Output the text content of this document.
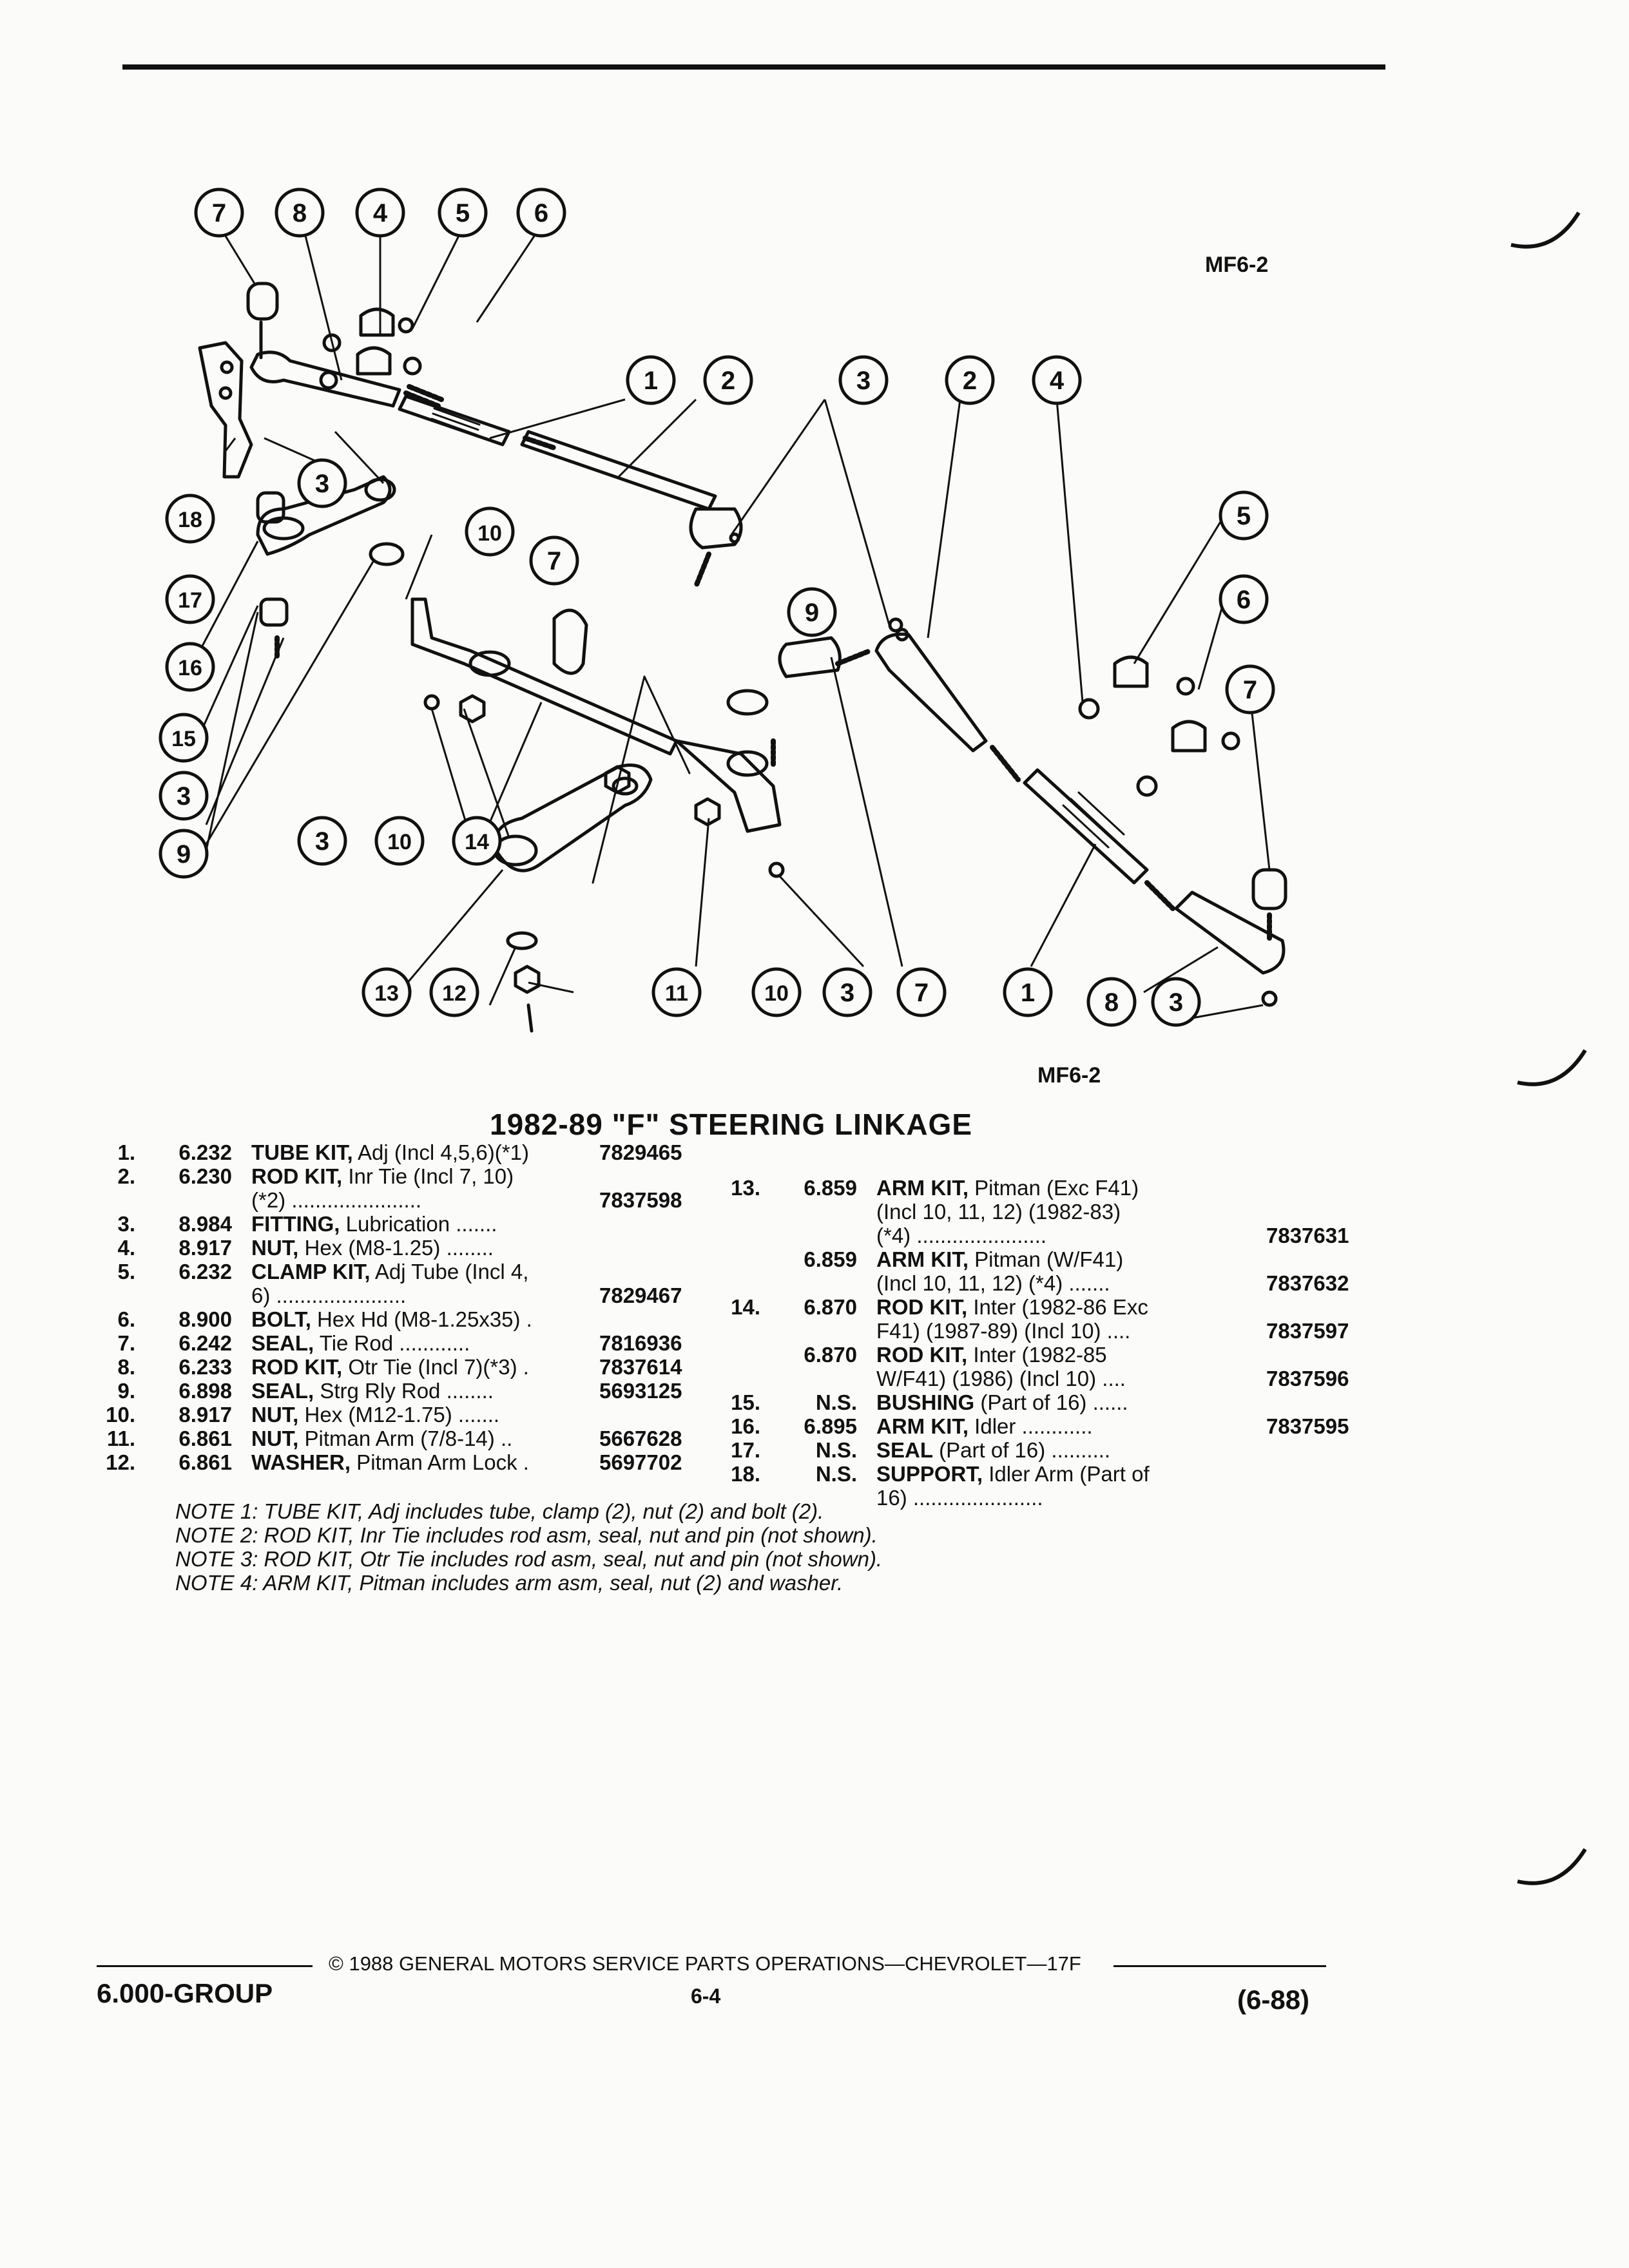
MF6-2
MF6-2
7	8	4	5 6
1 2	3	2	4
3
10
7
9
5
6
7
18
17
16
15
3
9	3	10 14
13 12	11	10 3 7	1	8 3
1982-89 "F" STEERING LINKAGE
1.	6.232 TUBE KIT, Adj (Incl 4,5,6)(*1)	7829465
2.	6.230 ROD KIT, Inr Tie (Incl 7, 10)
(*2) ......................	7837598
3.	8.984 FITTING, Lubrication .......
4.	8.917 NUT, Hex (M8-1.25) ........
5.	6.232 CLAMP KIT, Adj Tube (Incl 4,
6) ......................	7829467
6.	8.900 BOLT, Hex Hd (M8-1.25x35) .
7.	6.242 SEAL, Tie Rod ............	7816936
8.	6.233 ROD KIT, Otr Tie (Incl 7)(*3) .	7837614
9.	6.898 SEAL, Strg Rly Rod ........	5693125
10.	8.917 NUT, Hex (M12-1.75) .......
11.	6.861 NUT, Pitman Arm (7/8-14) ..	5667628
12.	6.861 WASHER, Pitman Arm Lock .	5697702
13.	6.859 ARM KIT, Pitman (Exc F41)
(Incl 10, 11, 12) (1982-83)
(*4) ......................	7837631
6.859 ARM KIT, Pitman (W/F41)
(Incl 10, 11, 12) (*4) .......	7837632
14.	6.870 ROD KIT, Inter (1982-86 Exc
F41) (1987-89) (Incl 10) ....	7837597
6.870 ROD KIT, Inter (1982-85
W/F41) (1986) (Incl 10) ....	7837596
15.	N.S. BUSHING (Part of 16) ......
16.	6.895 ARM KIT, Idler ............	7837595
17.	N.S. SEAL (Part of 16) ..........
18.	N.S. SUPPORT, Idler Arm (Part of
16) ......................
NOTE 1: TUBE KIT, Adj includes tube, clamp (2), nut (2) and bolt (2).
NOTE 2: ROD KIT, Inr Tie includes rod asm, seal, nut and pin (not shown).
NOTE 3: ROD KIT, Otr Tie includes rod asm, seal, nut and pin (not shown).
NOTE 4: ARM KIT, Pitman includes arm asm, seal, nut (2) and washer.
6.000-GROUP
© 1988 GENERAL MOTORS SERVICE PARTS OPERATIONS—CHEVROLET—17F
6-4	(6-88)
